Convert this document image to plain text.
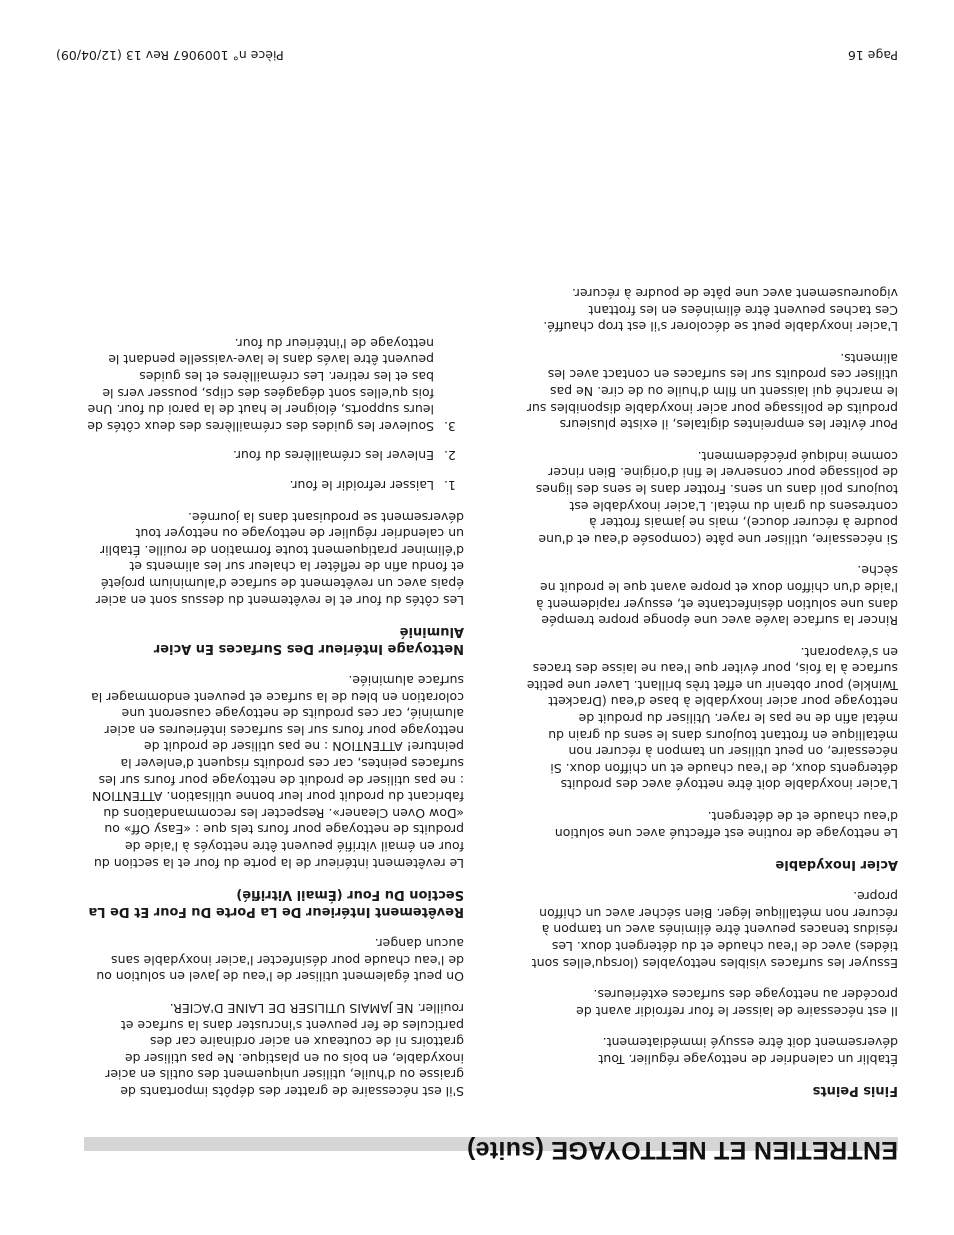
ENTRETIEN ET NETTOYAGE (suite)
Finis Peints

Établir un calendrier de nettoyage régulier. Tout déversement doit être essuyé immédiatement.

Il est nécessaire de laisser le four refroidir avant de procéder au nettoyage des surfaces extérieures.

Essuyer les surfaces visibles nettoyables (lorsqu'elles sont tiédes) avec de l'eau chaude et du détergent doux. Les résidus tenaces peuvent être éliminés avec un tampon à récurer non métallique léger. Bien sécher avec un chiffon propre.

Acier Inoxydable

Le nettoyage de routine est effectué avec une solution d'eau chaude et de détergent.

L'acier inoxydable doit être nettoyé avec des produits détergents doux, de l'eau chaude et un chiffon doux. Si nécessaire, on peut utiliser un tampon à récurer non métallique en frottant toujours dans le sens du grain du métal afin de ne pas le rayer. Utiliser du produit de nettoyage pour acier inoxydable à base d'eau (Drackett Twinkle) pour obtenir un effet très brillant. Laver une petite surface à la fois, pour éviter que l'eau ne laisse des traces en s'évaporant.

Rincer la surface lavée avec une éponge propre trempée dans une solution désinfectante et, essuyer rapidement à l'aide d'un chiffon doux et propre avant que le produit ne sèche.

Si nécessaire, utiliser une pâte (composée d'eau et d'une poudre à récurer douce), mais ne jamais frotter à contresens du grain du métal. L'acier inoxydable est toujours poli dans un sens. Frotter dans le sens des lignes de polissage pour conserver le fini d'origine. Bien rincer comme indiqué précédemment.

Pour éviter les empreintes digitales, il existe plusieurs produits de polissage pour acier inoxydable disponibles sur le marché qui laissent un film d'huile ou de cire. Ne pas utiliser ces produits sur les surfaces en contact avec les aliments.

L'acier inoxydable peut se décolorer s'il est trop chauffé. Ces taches peuvent être éliminées en les frottant vigoureusement avec une pâte de poudre à récurer.

S'il est nécessaire de gratter des dépôts importants de graisse ou d'huile, utiliser uniquement des outils en acier inoxydable, en bois ou en plastique. Ne pas utiliser de grattoirs ni de couteaux en acier ordinaire car des particules de fer peuvent s'incruster dans la surface et rouiller. NE JAMAIS UTILISER DE LAINE D'ACIER.

On peut également utiliser de l'eau de Javel en solution ou de l'eau chaude pour désinfecter l'acier inoxydable sans aucun danger.

Revêtement Intérieur De La Porte Du Four Et De La Section Du Four (Émail Vitrifié)

Le revêtement intérieur de la porte du four et la section du four en émail vitrifié peuvent être nettoyés à l'aide de produits de nettoyage pour fours tels que : «Easy Off» ou «Dow Oven Cleaner». Respecter les recommandations du fabricant du produit pour leur bonne utilisation. ATTENTION : ne pas utiliser de produit de nettoyage pour fours sur les surfaces peintes, car ces produits risquent d'enlever la peinture! ATTENTION : ne pas utiliser de produit de nettoyage pour fours sur les surfaces intérieures en acier aluminié, car ces produits de nettoyage causeront une coloration en bleu de la surface et peuvent endommager la surface aluminiée.

Nettoyage Intérieur Des Surfaces En Acier Aluminié

Les côtés du four et le revêtement du dessus sont en acier épais avec un revêtement de surface d'aluminium projeté et fondu afin de refléter la chaleur sur les aliments et d'éliminer pratiquement toute formation de rouille. Établir un calendrier régulier de nettoyage ou nettoyer tout déversement se produisant dans la journée.

1. Laisser refroidir le four.
2. Enlever les crémaillères du four.
3. Soulever les guides des crémaillères des deux côtés de leurs supports, éloigner le haut de la paroi du four. Une fois qu'elles sont dégagées des clips, pousser vers le bas et les retirer. Les crémaillères et les guides peuvent être lavés dans le lave-vaisselle pendant le nettoyage de l'intérieur du four.
Page 16
Pièce n° 1009067 Rev 13 (12/04/09)
